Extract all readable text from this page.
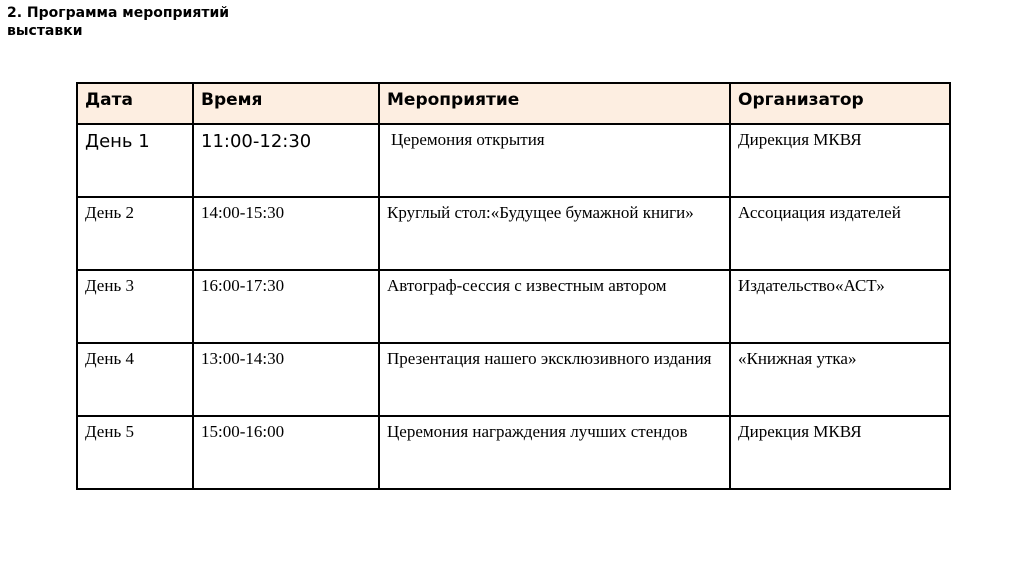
2. Программа мероприятий выставки
Дата	Время	Мероприятие	Организатор
День 1	11:00-12:30	Церемония открытия	Дирекция МКВЯ
День 2	14:00-15:30	Круглый стол:«Будущее бумажной книги»	Ассоциация издателей
День 3	16:00-17:30	Автограф-сессия с известным автором	Издательство«АСТ»
День 4	13:00-14:30	Презентация нашего эксклюзивного издания	«Книжная утка»
День 5	15:00-16:00	Церемония награждения лучших стендов	Дирекция МКВЯ
